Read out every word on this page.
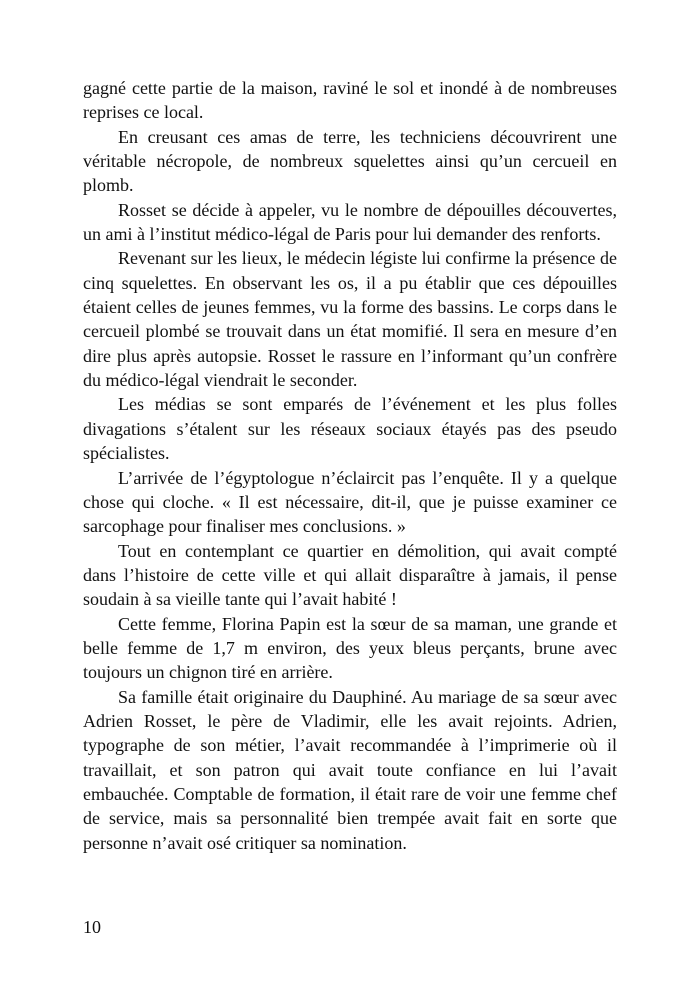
gagné cette partie de la maison, raviné le sol et inondé à de nombreuses reprises ce local.

En creusant ces amas de terre, les techniciens découvrirent une véritable nécropole, de nombreux squelettes ainsi qu’un cercueil en plomb.

Rosset se décide à appeler, vu le nombre de dépouilles découvertes, un ami à l’institut médico-légal de Paris pour lui demander des renforts.

Revenant sur les lieux, le médecin légiste lui confirme la présence de cinq squelettes. En observant les os, il a pu établir que ces dépouilles étaient celles de jeunes femmes, vu la forme des bassins. Le corps dans le cercueil plombé se trouvait dans un état momifié. Il sera en mesure d’en dire plus après autopsie. Rosset le rassure en l’informant qu’un confrère du médico-légal viendrait le seconder.

Les médias se sont emparés de l’événement et les plus folles divagations s’étalent sur les réseaux sociaux étayés pas des pseudo spécialistes.

L’arrivée de l’égyptologue n’éclaircit pas l’enquête. Il y a quelque chose qui cloche. « Il est nécessaire, dit-il, que je puisse examiner ce sarcophage pour finaliser mes conclusions. »

Tout en contemplant ce quartier en démolition, qui avait compté dans l’histoire de cette ville et qui allait disparaître à jamais, il pense soudain à sa vieille tante qui l’avait habité !

Cette femme, Florina Papin est la sœur de sa maman, une grande et belle femme de 1,7 m environ, des yeux bleus perçants, brune avec toujours un chignon tiré en arrière.

Sa famille était originaire du Dauphiné. Au mariage de sa sœur avec Adrien Rosset, le père de Vladimir, elle les avait rejoints. Adrien, typographe de son métier, l’avait recommandée à l’imprimerie où il travaillait, et son patron qui avait toute confiance en lui l’avait embauchée. Comptable de formation, il était rare de voir une femme chef de service, mais sa personnalité bien trempée avait fait en sorte que personne n’avait osé critiquer sa nomination.

10
